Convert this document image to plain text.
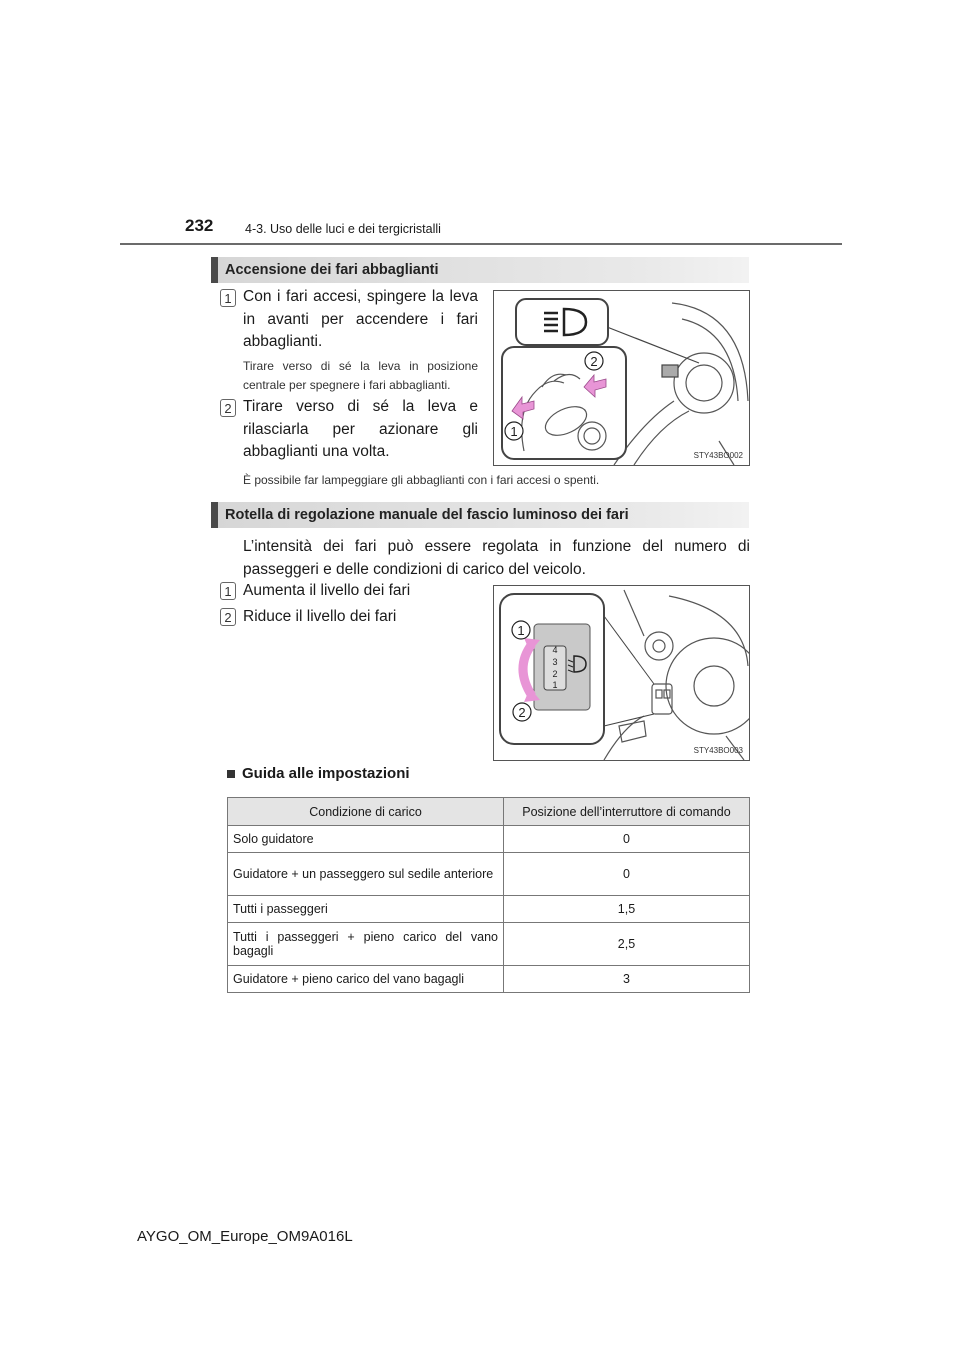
232	4-3. Uso delle luci e dei tergicristalli
Accensione dei fari abbaglianti
1 Con i fari accesi, spingere la leva in avanti per accendere i fari abbaglianti.
Tirare verso di sé la leva in posizione centrale per spegnere i fari abbaglianti.
2 Tirare verso di sé la leva e rilasciarla per azionare gli abbaglianti una volta.
2
1
STY43BO002
È possibile far lampeggiare gli abbaglianti con i fari accesi o spenti.
Rotella di regolazione manuale del fascio luminoso dei fari
L’intensità dei fari può essere regolata in funzione del numero di passeggeri e delle condizioni di carico del veicolo.
1 Aumenta il livello dei fari
2 Riduce il livello dei fari
4
3
2
1
1
2
STY43BO003
Guida alle impostazioni
Condizione di carico	Posizione dell’interruttore di comando
Solo guidatore	0
Guidatore + un passeggero sul sedile anteriore	0
Tutti i passeggeri	1,5
Tutti i passeggeri + pieno carico del vano bagagli	2,5
Guidatore + pieno carico del vano bagagli	3
AYGO_OM_Europe_OM9A016L
